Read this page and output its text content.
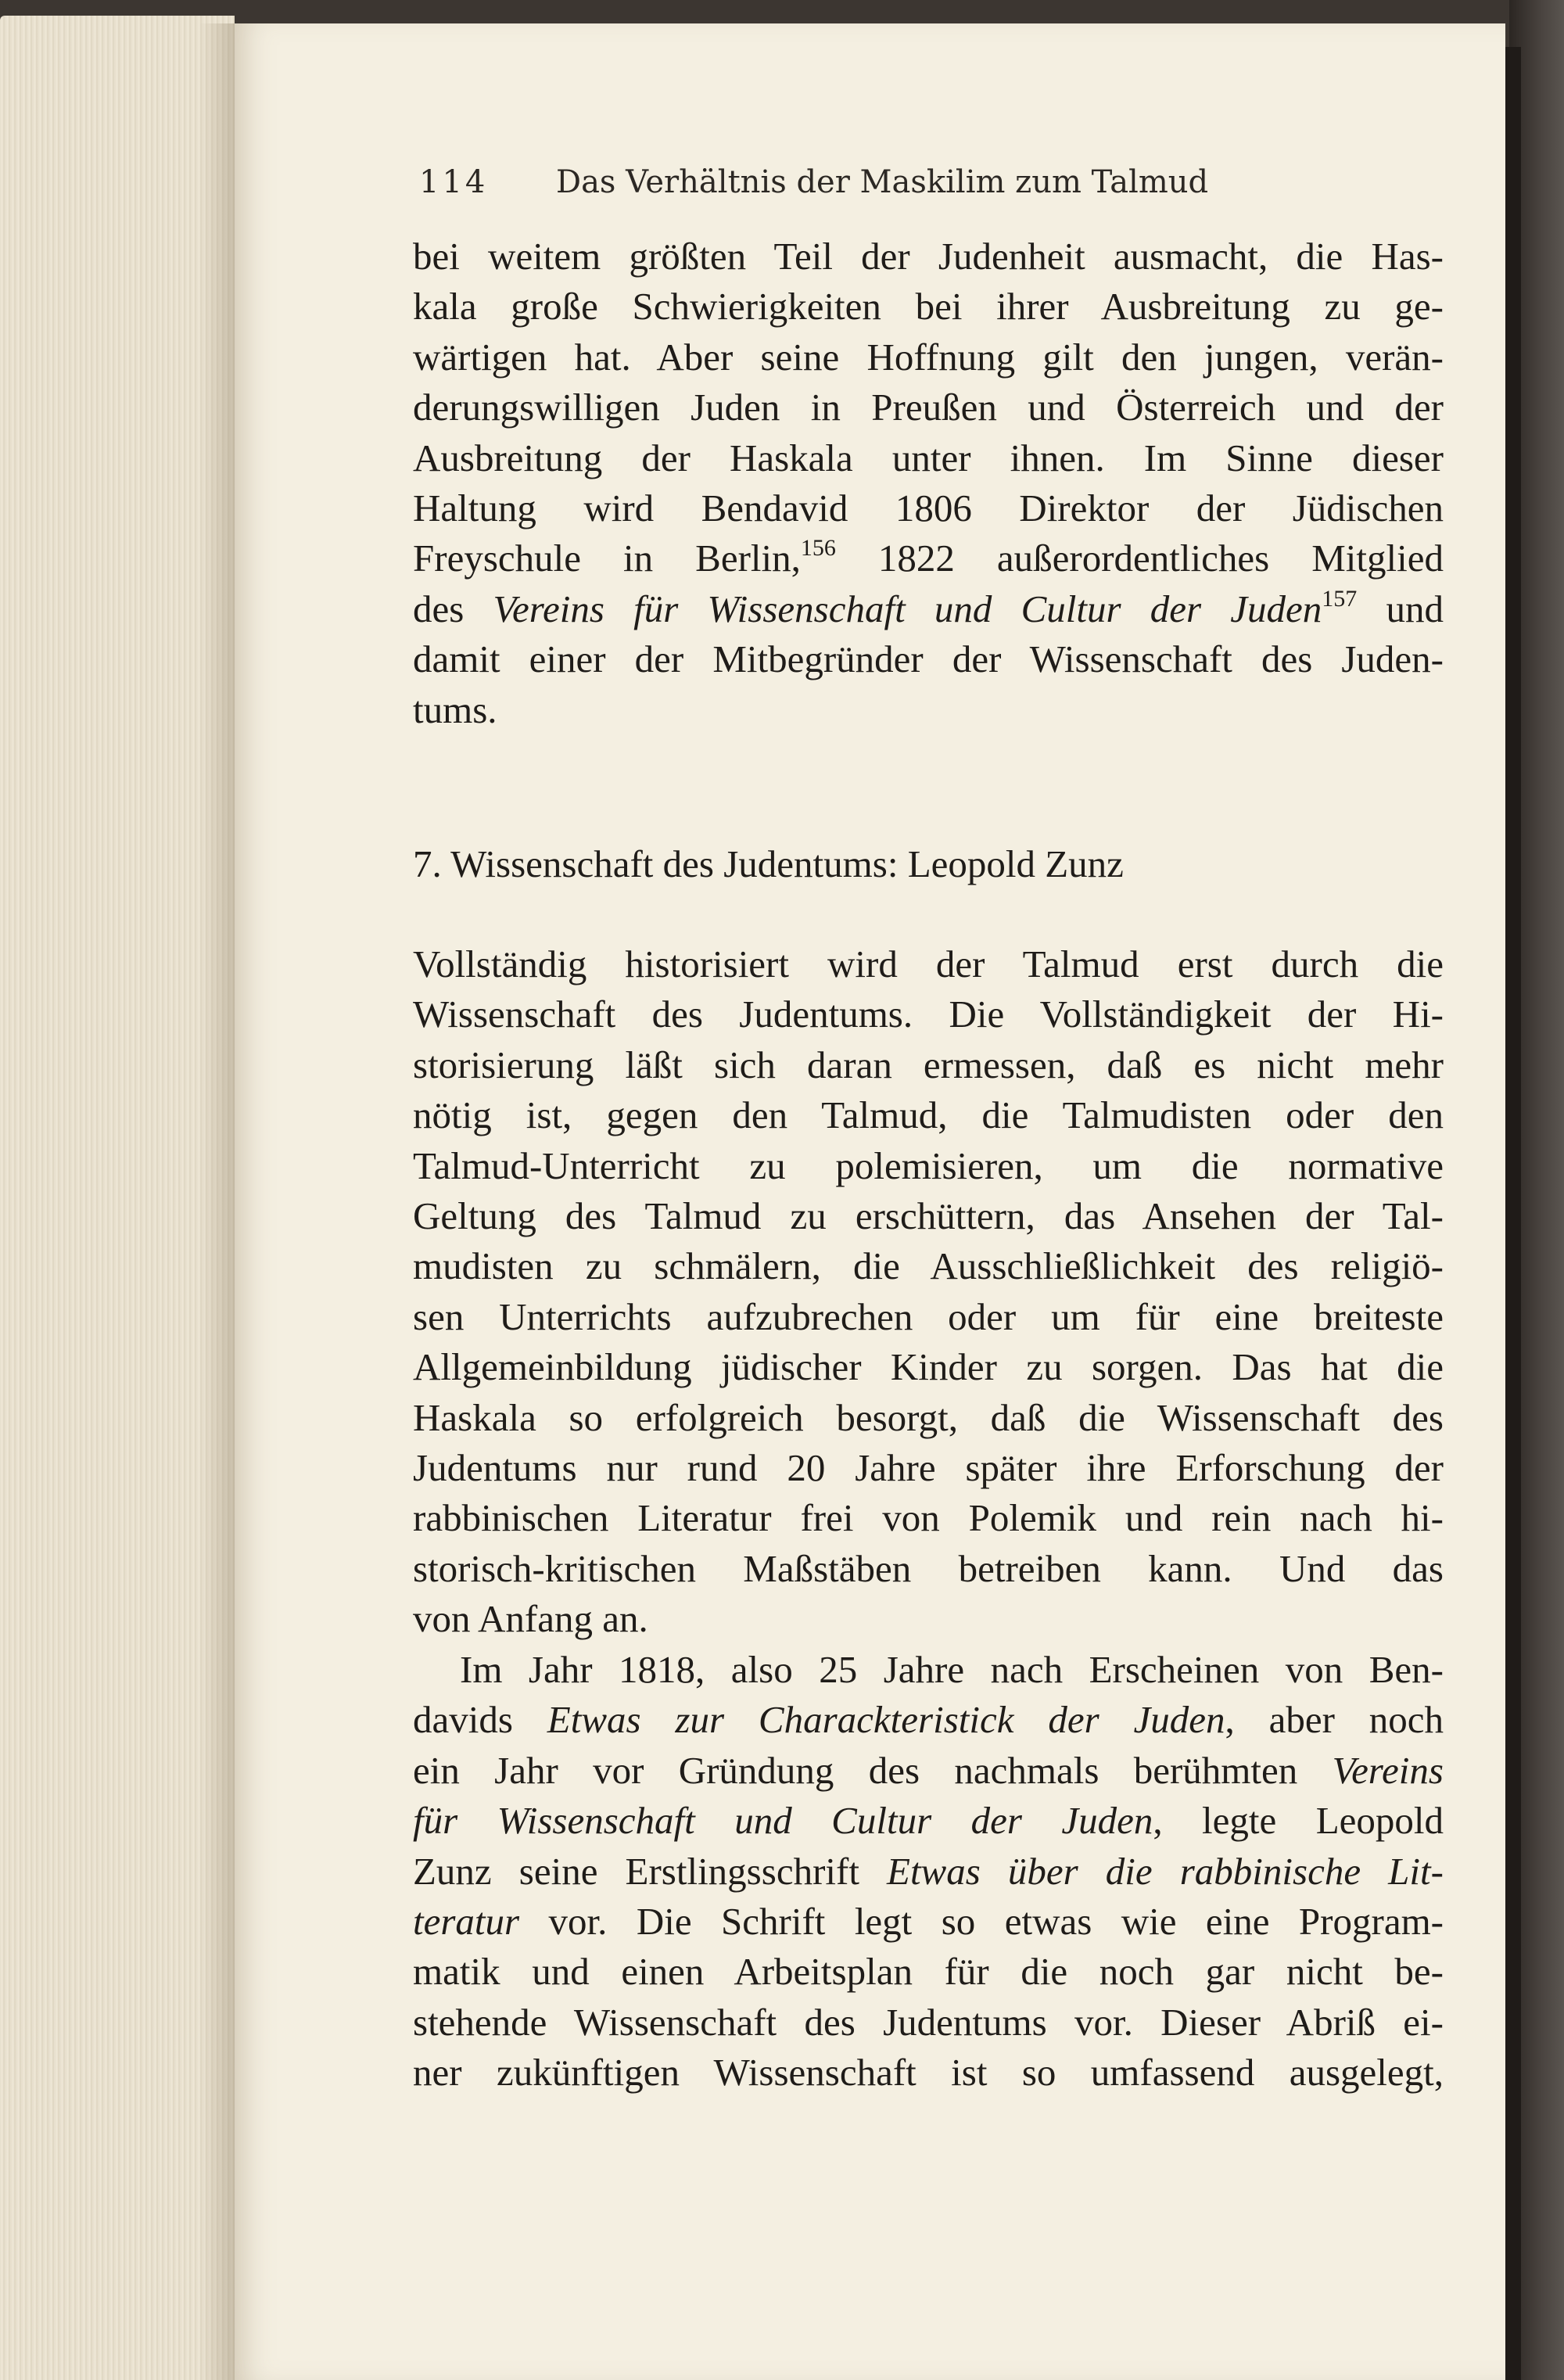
114 Das Verhältnis der Maskilim zum Talmud
bei weitem größten Teil der Judenheit ausmacht, die Has-
kala große Schwierigkeiten bei ihrer Ausbreitung zu ge-
wärtigen hat. Aber seine Hoffnung gilt den jungen, verän-
derungswilligen Juden in Preußen und Österreich und der
Ausbreitung der Haskala unter ihnen. Im Sinne dieser
Haltung wird Bendavid 1806 Direktor der Jüdischen
Freyschule in Berlin,$^{156}$ 1822 außerordentliches Mitglied
des Vereins für Wissenschaft und Cultur der Juden$^{157}$ und
damit einer der Mitbegründer der Wissenschaft des Juden-
tums.
7. Wissenschaft des Judentums: Leopold Zunz
Vollständig historisiert wird der Talmud erst durch die
Wissenschaft des Judentums. Die Vollständigkeit der Hi-
storisierung läßt sich daran ermessen, daß es nicht mehr
nötig ist, gegen den Talmud, die Talmudisten oder den
Talmud-Unterricht zu polemisieren, um die normative
Geltung des Talmud zu erschüttern, das Ansehen der Tal-
mudisten zu schmälern, die Ausschließlichkeit des religiö-
sen Unterrichts aufzubrechen oder um für eine breiteste
Allgemeinbildung jüdischer Kinder zu sorgen. Das hat die
Haskala so erfolgreich besorgt, daß die Wissenschaft des
Judentums nur rund 20 Jahre später ihre Erforschung der
rabbinischen Literatur frei von Polemik und rein nach hi-
storisch-kritischen Maßstäben betreiben kann. Und das
von Anfang an.
Im Jahr 1818, also 25 Jahre nach Erscheinen von Ben-
davids Etwas zur Charackteristick der Juden, aber noch
ein Jahr vor Gründung des nachmals berühmten Vereins
für Wissenschaft und Cultur der Juden, legte Leopold
Zunz seine Erstlingsschrift Etwas über die rabbinische Lit-
teratur vor. Die Schrift legt so etwas wie eine Program-
matik und einen Arbeitsplan für die noch gar nicht be-
stehende Wissenschaft des Judentums vor. Dieser Abriß ei-
ner zukünftigen Wissenschaft ist so umfassend ausgelegt,
